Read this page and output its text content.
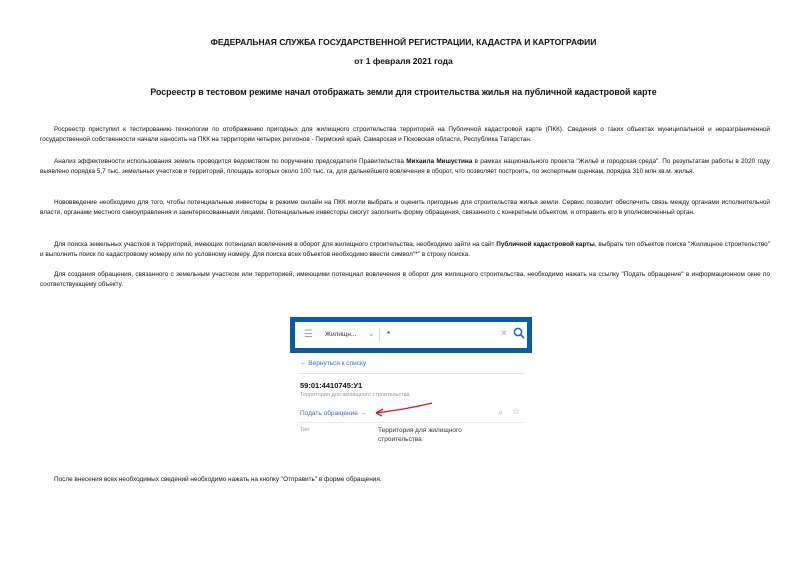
ФЕДЕРАЛЬНАЯ СЛУЖБА ГОСУДАРСТВЕННОЙ РЕГИСТРАЦИИ, КАДАСТРА И КАРТОГРАФИИ
от 1 февраля 2021 года
Росреестр в тестовом режиме начал отображать земли для строительства жилья на публичной кадастровой карте

Росреестр приступил к тестированию технологии по отображению пригодных для жилищного строительства территорий на Публичной кадастровой карте (ПКК). Сведения о таких объектах муниципальной и неразграниченной государственной собственности начали наносить на ПКК на территории четырех регионов - Пермский край, Самарская и Псковская области, Республика Татарстан.

Анализ эффективности использования земель проводится ведомством по поручению председателя Правительства Михаила Мишустина в рамках национального проекта "Жильё и городская среда". По результатам работы в 2020 году выявлено порядка 5,7 тыс. земельных участков и территорий, площадь которых около 100 тыс. га, для дальнейшего вовлечения в оборот, что позволяет построить, по экспертным оценкам, порядка 310 млн кв.м. жилья.

Нововведение необходимо для того, чтобы потенциальные инвесторы в режиме онлайн на ПКК могли выбрать и оценить пригодные для строительства жилья земли. Сервис позволит обеспечить связь между органами исполнительной власти, органами местного самоуправления и заинтересованными лицами. Потенциальные инвесторы смогут заполнить форму обращения, связанного с конкретным объектом, и отправить его в уполномоченный орган.

Для поиска земельных участков и территорий, имеющих потенциал вовлечения в оборот для жилищного строительства, необходимо зайти на сайт Публичной кадастровой карты, выбрать тип объектов поиска "Жилищное строительство" и выполнить поиск по кадастровому номеру или по условному номеру. Для поиска всех объектов необходимо ввести символ"*" в строку поиска.

Для создания обращения, связанного с земельным участком или территорией, имеющими потенциал вовлечения в оборот для жилищного строительства, необходимо нажать на ссылку "Подать обращение" в информационном окне по соответствующему объекту.

☰ Жилищн... ⌄ *	×
← Вернуться к списку
59:01:4410745:У1
Территория для жилищного строительства
Подать обращение →	⌕ ☆
Тип	Территория для жилищного строительства

После внесения всех необходимых сведений необходимо нажать на кнопку "Отправить" в форме обращения.
